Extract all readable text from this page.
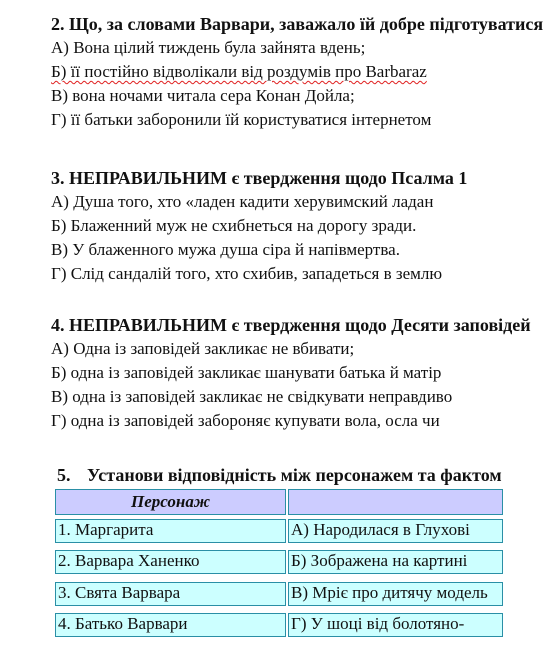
2. Що, за словами Варвари, заважало їй добре підготуватися
А) Вона цілий тиждень була зайнята вдень;
Б) її постійно відволікали від роздумів про Barbaraz
В) вона ночами читала сера Конан Дойла;
Г) її батьки заборонили їй користуватися інтернетом
3. НЕПРАВИЛЬНИМ є твердження щодо Псалма 1
А) Душа того, хто «ладен кадити херувимский ладан
Б) Блаженний муж не схибнеться на дорогу зради.
В) У блаженного мужа душа сіра й напівмертва.
Г) Слід сандалій того, хто схибив, западеться в землю
4. НЕПРАВИЛЬНИМ є твердження щодо Десяти заповідей
А) Одна із заповідей закликає не вбивати;
Б) одна із заповідей закликає шанувати батька й матір
В) одна із заповідей закликає не свідкувати неправдиво
Г) одна із заповідей забороняє купувати вола, осла чи
5. Установи відповідність між персонажем та фактом
Персонаж
1. Маргарита	А) Народилася в Глухові
2. Варвара Ханенко	Б) Зображена на картині
3. Свята Варвара	В) Мріє про дитячу модель
4. Батько Варвари	Г) У шоці від болотяно-
